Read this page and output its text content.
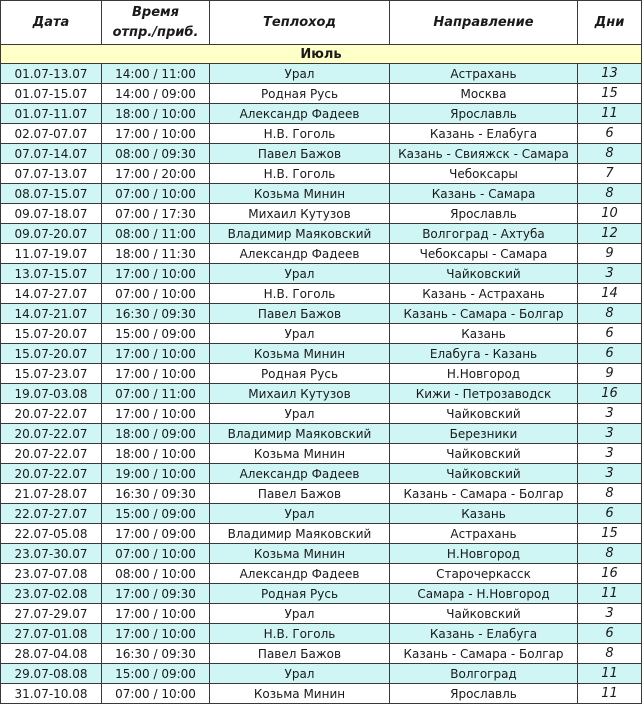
Дата	Время
отпр./приб.	Теплоход	Направление	Дни
Июль				
01.07-13.07	14:00 / 11:00	Урал	Астрахань	13
01.07-15.07	14:00 / 09:00	Родная Русь	Москва	15
01.07-11.07	18:00 / 10:00	Александр Фадеев	Ярославль	11
02.07-07.07	17:00 / 10:00	Н.В. Гоголь	Казань - Елабуга	6
07.07-14.07	08:00 / 09:30	Павел Бажов	Казань - Свияжск - Самара	8
07.07-13.07	17:00 / 20:00	Н.В. Гоголь	Чебоксары	7
08.07-15.07	07:00 / 10:00	Козьма Минин	Казань - Самара	8
09.07-18.07	07:00 / 17:30	Михаил Кутузов	Ярославль	10
09.07-20.07	08:00 / 11:00	Владимир Маяковский	Волгоград - Ахтуба	12
11.07-19.07	18:00 / 11:30	Александр Фадеев	Чебоксары - Самара	9
13.07-15.07	17:00 / 10:00	Урал	Чайковский	3
14.07-27.07	07:00 / 10:00	Н.В. Гоголь	Казань - Астрахань	14
14.07-21.07	16:30 / 09:30	Павел Бажов	Казань - Самара - Болгар	8
15.07-20.07	15:00 / 09:00	Урал	Казань	6
15.07-20.07	17:00 / 10:00	Козьма Минин	Елабуга - Казань	6
15.07-23.07	17:00 / 10:00	Родная Русь	Н.Новгород	9
19.07-03.08	07:00 / 11:00	Михаил Кутузов	Кижи - Петрозаводск	16
20.07-22.07	17:00 / 10:00	Урал	Чайковский	3
20.07-22.07	18:00 / 09:00	Владимир Маяковский	Березники	3
20.07-22.07	18:00 / 10:00	Козьма Минин	Чайковский	3
20.07-22.07	19:00 / 10:00	Александр Фадеев	Чайковский	3
21.07-28.07	16:30 / 09:30	Павел Бажов	Казань - Самара - Болгар	8
22.07-27.07	15:00 / 09:00	Урал	Казань	6
22.07-05.08	17:00 / 09:00	Владимир Маяковский	Астрахань	15
23.07-30.07	07:00 / 10:00	Козьма Минин	Н.Новгород	8
23.07-07.08	08:00 / 10:00	Александр Фадеев	Старочеркасск	16
23.07-02.08	17:00 / 09:30	Родная Русь	Самара - Н.Новгород	11
27.07-29.07	17:00 / 10:00	Урал	Чайковский	3
27.07-01.08	17:00 / 10:00	Н.В. Гоголь	Казань - Елабуга	6
28.07-04.08	16:30 / 09:30	Павел Бажов	Казань - Самара - Болгар	8
29.07-08.08	15:00 / 09:00	Урал	Волгоград	11
31.07-10.08	07:00 / 10:00	Козьма Минин	Ярославль	11
